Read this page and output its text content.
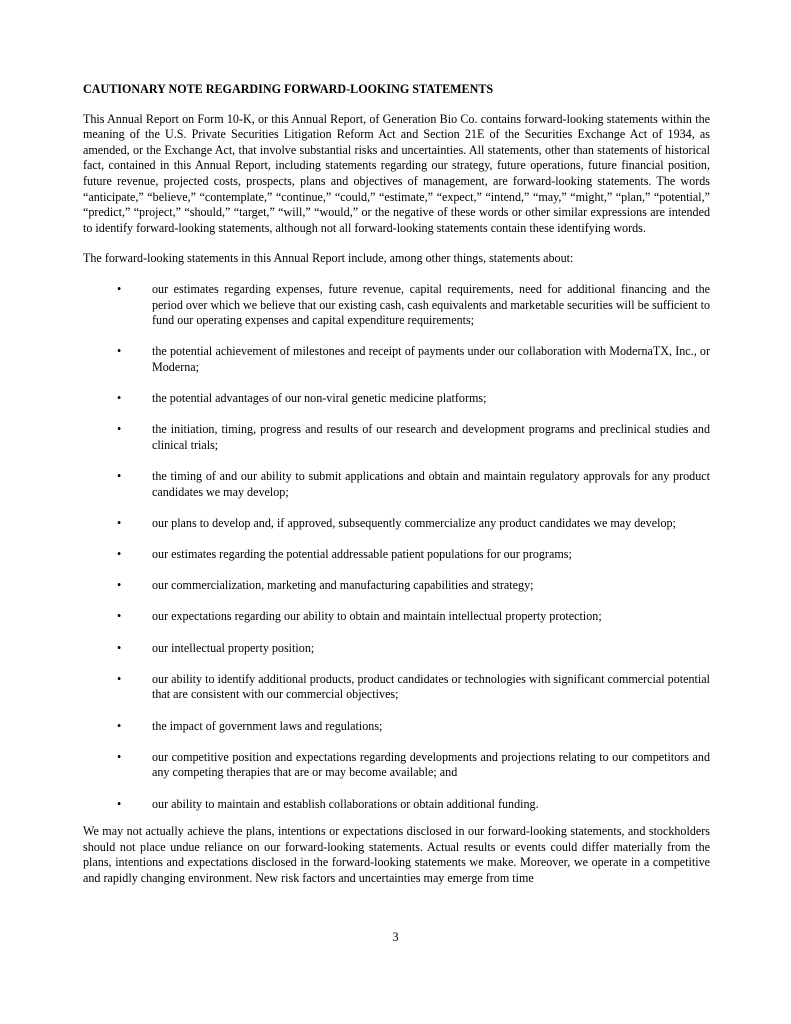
CAUTIONARY NOTE REGARDING FORWARD-LOOKING STATEMENTS

This Annual Report on Form 10-K, or this Annual Report, of Generation Bio Co. contains forward-looking statements within the meaning of the U.S. Private Securities Litigation Reform Act and Section 21E of the Securities Exchange Act of 1934, as amended, or the Exchange Act, that involve substantial risks and uncertainties. All statements, other than statements of historical fact, contained in this Annual Report, including statements regarding our strategy, future operations, future financial position, future revenue, projected costs, prospects, plans and objectives of management, are forward-looking statements. The words “anticipate,” “believe,” “contemplate,” “continue,” “could,” “estimate,” “expect,” “intend,” “may,” “might,” “plan,” “potential,” “predict,” “project,” “should,” “target,” “will,” “would,” or the negative of these words or other similar expressions are intended to identify forward-looking statements, although not all forward-looking statements contain these identifying words.

The forward-looking statements in this Annual Report include, among other things, statements about:

•	our estimates regarding expenses, future revenue, capital requirements, need for additional financing and the period over which we believe that our existing cash, cash equivalents and marketable securities will be sufficient to fund our operating expenses and capital expenditure requirements;
•	the potential achievement of milestones and receipt of payments under our collaboration with ModernaTX, Inc., or Moderna;
•	the potential advantages of our non-viral genetic medicine platforms;
•	the initiation, timing, progress and results of our research and development programs and preclinical studies and clinical trials;
•	the timing of and our ability to submit applications and obtain and maintain regulatory approvals for any product candidates we may develop;
•	our plans to develop and, if approved, subsequently commercialize any product candidates we may develop;
•	our estimates regarding the potential addressable patient populations for our programs;
•	our commercialization, marketing and manufacturing capabilities and strategy;
•	our expectations regarding our ability to obtain and maintain intellectual property protection;
•	our intellectual property position;
•	our ability to identify additional products, product candidates or technologies with significant commercial potential that are consistent with our commercial objectives;
•	the impact of government laws and regulations;
•	our competitive position and expectations regarding developments and projections relating to our competitors and any competing therapies that are or may become available; and
•	our ability to maintain and establish collaborations or obtain additional funding.

We may not actually achieve the plans, intentions or expectations disclosed in our forward-looking statements, and stockholders should not place undue reliance on our forward-looking statements. Actual results or events could differ materially from the plans, intentions and expectations disclosed in the forward-looking statements we make. Moreover, we operate in a competitive and rapidly changing environment. New risk factors and uncertainties may emerge from time

3
